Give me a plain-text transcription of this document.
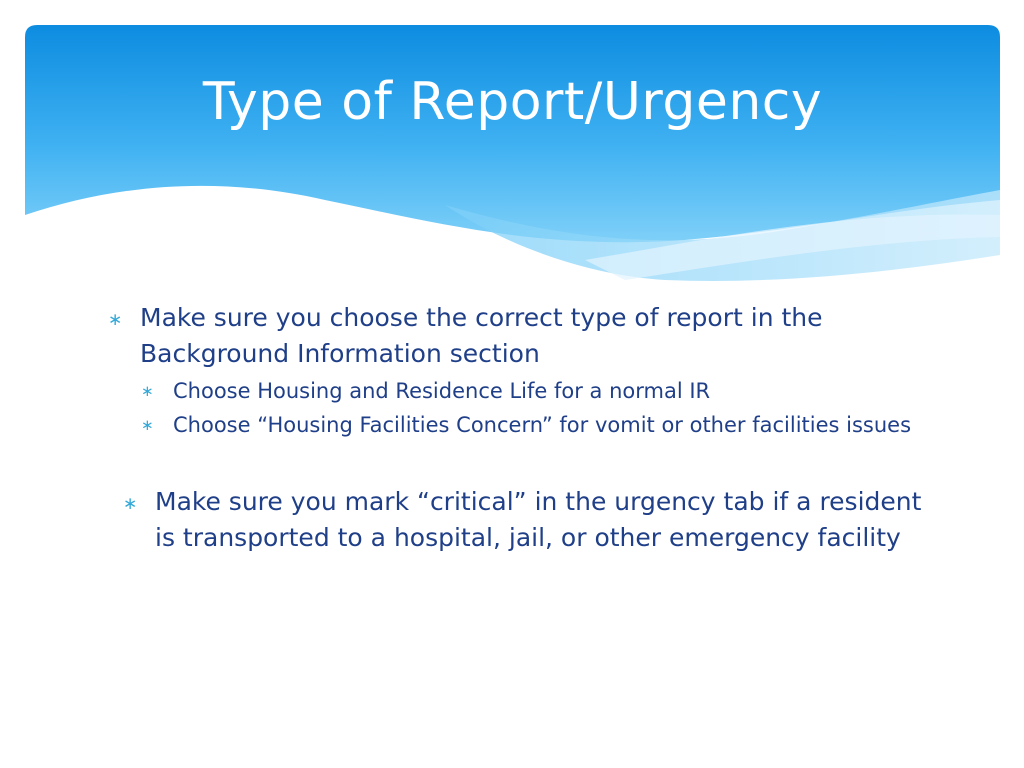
Type of Report/Urgency
∗ Make sure you choose the correct type of report in the Background Information section
∗ Choose Housing and Residence Life for a normal IR
∗ Choose “Housing Facilities Concern” for vomit or other facilities issues
∗ Make sure you mark “critical” in the urgency tab if a resident is transported to a hospital, jail, or other emergency facility
